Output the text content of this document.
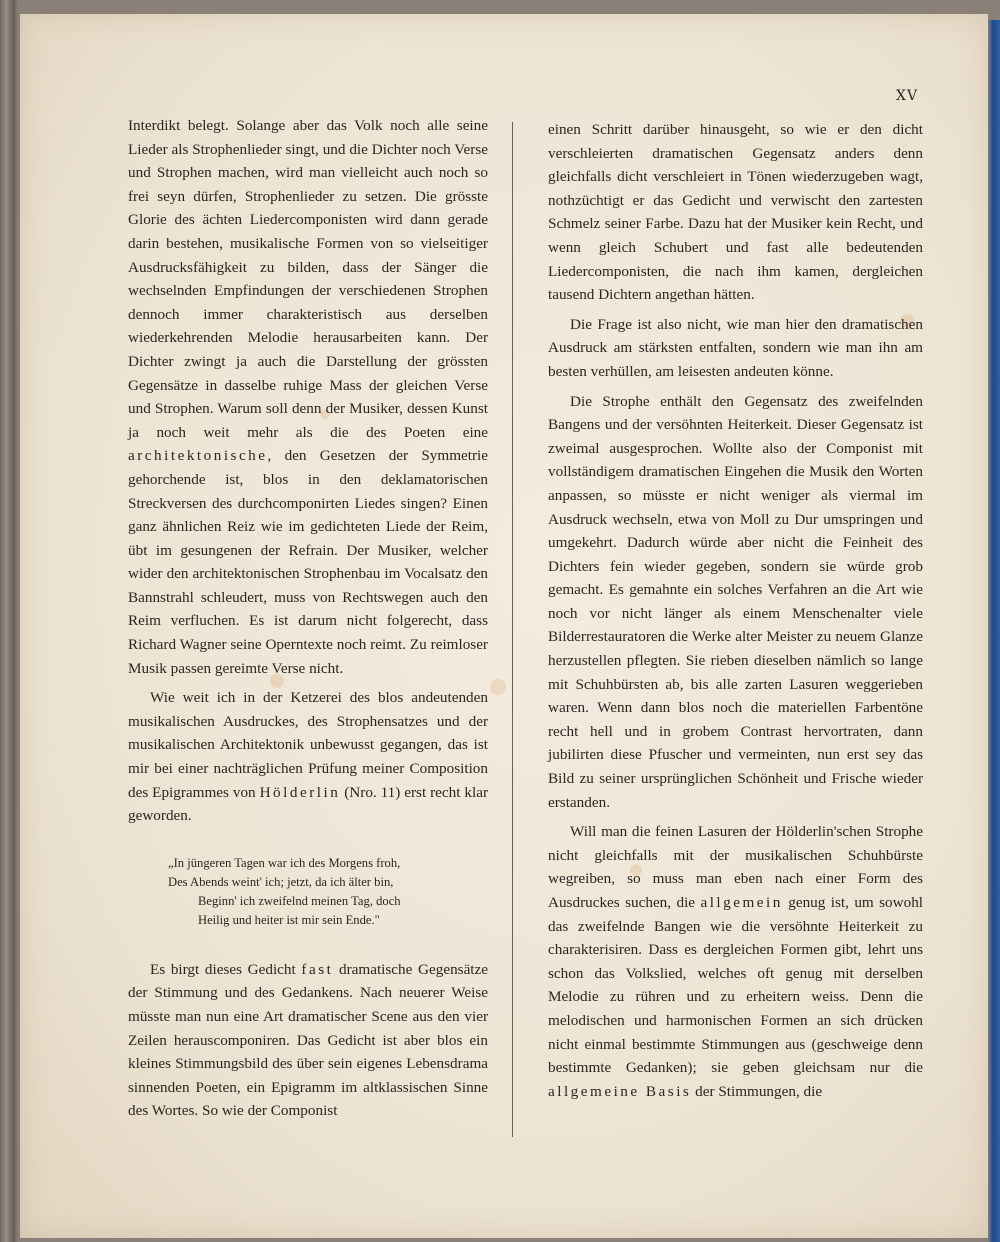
XV

Interdikt belegt. Solange aber das Volk noch alle seine Lieder als Strophenlieder singt, und die Dichter noch Verse und Strophen machen, wird man vielleicht auch noch so frei seyn dürfen, Strophenlieder zu setzen. Die grösste Glorie des ächten Liedercomponisten wird dann gerade darin bestehen, musikalische Formen von so vielseitiger Ausdrucksfähigkeit zu bilden, dass der Sänger die wechselnden Empfindungen der verschiedenen Strophen dennoch immer charakteristisch aus derselben wiederkehrenden Melodie herausarbeiten kann. Der Dichter zwingt ja auch die Darstellung der grössten Gegensätze in dasselbe ruhige Mass der gleichen Verse und Strophen. Warum soll denn der Musiker, dessen Kunst ja noch weit mehr als die des Poeten eine architektonische, den Gesetzen der Symmetrie gehorchende ist, blos in den deklamatorischen Streckversen des durchcomponirten Liedes singen? Einen ganz ähnlichen Reiz wie im gedichteten Liede der Reim, übt im gesungenen der Refrain. Der Musiker, welcher wider den architektonischen Strophenbau im Vocalsatz den Bannstrahl schleudert, muss von Rechtswegen auch den Reim verfluchen. Es ist darum nicht folgerecht, dass Richard Wagner seine Operntexte noch reimt. Zu reimloser Musik passen gereimte Verse nicht.

Wie weit ich in der Ketzerei des blos andeutenden musikalischen Ausdruckes, des Strophensatzes und der musikalischen Architektonik unbewusst gegangen, das ist mir bei einer nachträglichen Prüfung meiner Composition des Epigrammes von Hölderlin (Nro. 11) erst recht klar geworden.

„In jüngeren Tagen war ich des Morgens froh,
Des Abends weint' ich; jetzt, da ich älter bin,
Beginn' ich zweifelnd meinen Tag, doch
Heilig und heiter ist mir sein Ende."

Es birgt dieses Gedicht fast dramatische Gegensätze der Stimmung und des Gedankens. Nach neuerer Weise müsste man nun eine Art dramatischer Scene aus den vier Zeilen herauscomponiren. Das Gedicht ist aber blos ein kleines Stimmungsbild des über sein eigenes Lebensdrama sinnenden Poeten, ein Epigramm im altklassischen Sinne des Wortes. So wie der Componist

einen Schritt darüber hinausgeht, so wie er den dicht verschleierten dramatischen Gegensatz anders denn gleichfalls dicht verschleiert in Tönen wiederzugeben wagt, nothzüchtigt er das Gedicht und verwischt den zartesten Schmelz seiner Farbe. Dazu hat der Musiker kein Recht, und wenn gleich Schubert und fast alle bedeutenden Liedercomponisten, die nach ihm kamen, dergleichen tausend Dichtern angethan hätten.

Die Frage ist also nicht, wie man hier den dramatischen Ausdruck am stärksten entfalten, sondern wie man ihn am besten verhüllen, am leisesten andeuten könne.

Die Strophe enthält den Gegensatz des zweifelnden Bangens und der versöhnten Heiterkeit. Dieser Gegensatz ist zweimal ausgesprochen. Wollte also der Componist mit vollständigem dramatischen Eingehen die Musik den Worten anpassen, so müsste er nicht weniger als viermal im Ausdruck wechseln, etwa von Moll zu Dur umspringen und umgekehrt. Dadurch würde aber nicht die Feinheit des Dichters fein wieder gegeben, sondern sie würde grob gemacht. Es gemahnte ein solches Verfahren an die Art wie noch vor nicht länger als einem Menschenalter viele Bilderrestauratoren die Werke alter Meister zu neuem Glanze herzustellen pflegten. Sie rieben dieselben nämlich so lange mit Schuhbürsten ab, bis alle zarten Lasuren weggerieben waren. Wenn dann blos noch die materiellen Farbentöne recht hell und in grobem Contrast hervortraten, dann jubilirten diese Pfuscher und vermeinten, nun erst sey das Bild zu seiner ursprünglichen Schönheit und Frische wieder erstanden.

Will man die feinen Lasuren der Hölderlin'schen Strophe nicht gleichfalls mit der musikalischen Schuhbürste wegreiben, so muss man eben nach einer Form des Ausdruckes suchen, die allgemein genug ist, um sowohl das zweifelnde Bangen wie die versöhnte Heiterkeit zu charakterisiren. Dass es dergleichen Formen gibt, lehrt uns schon das Volkslied, welches oft genug mit derselben Melodie zu rühren und zu erheitern weiss. Denn die melodischen und harmonischen Formen an sich drücken nicht einmal bestimmte Stimmungen aus (geschweige denn bestimmte Gedanken); sie geben gleichsam nur die allgemeine Basis der Stimmungen, die
